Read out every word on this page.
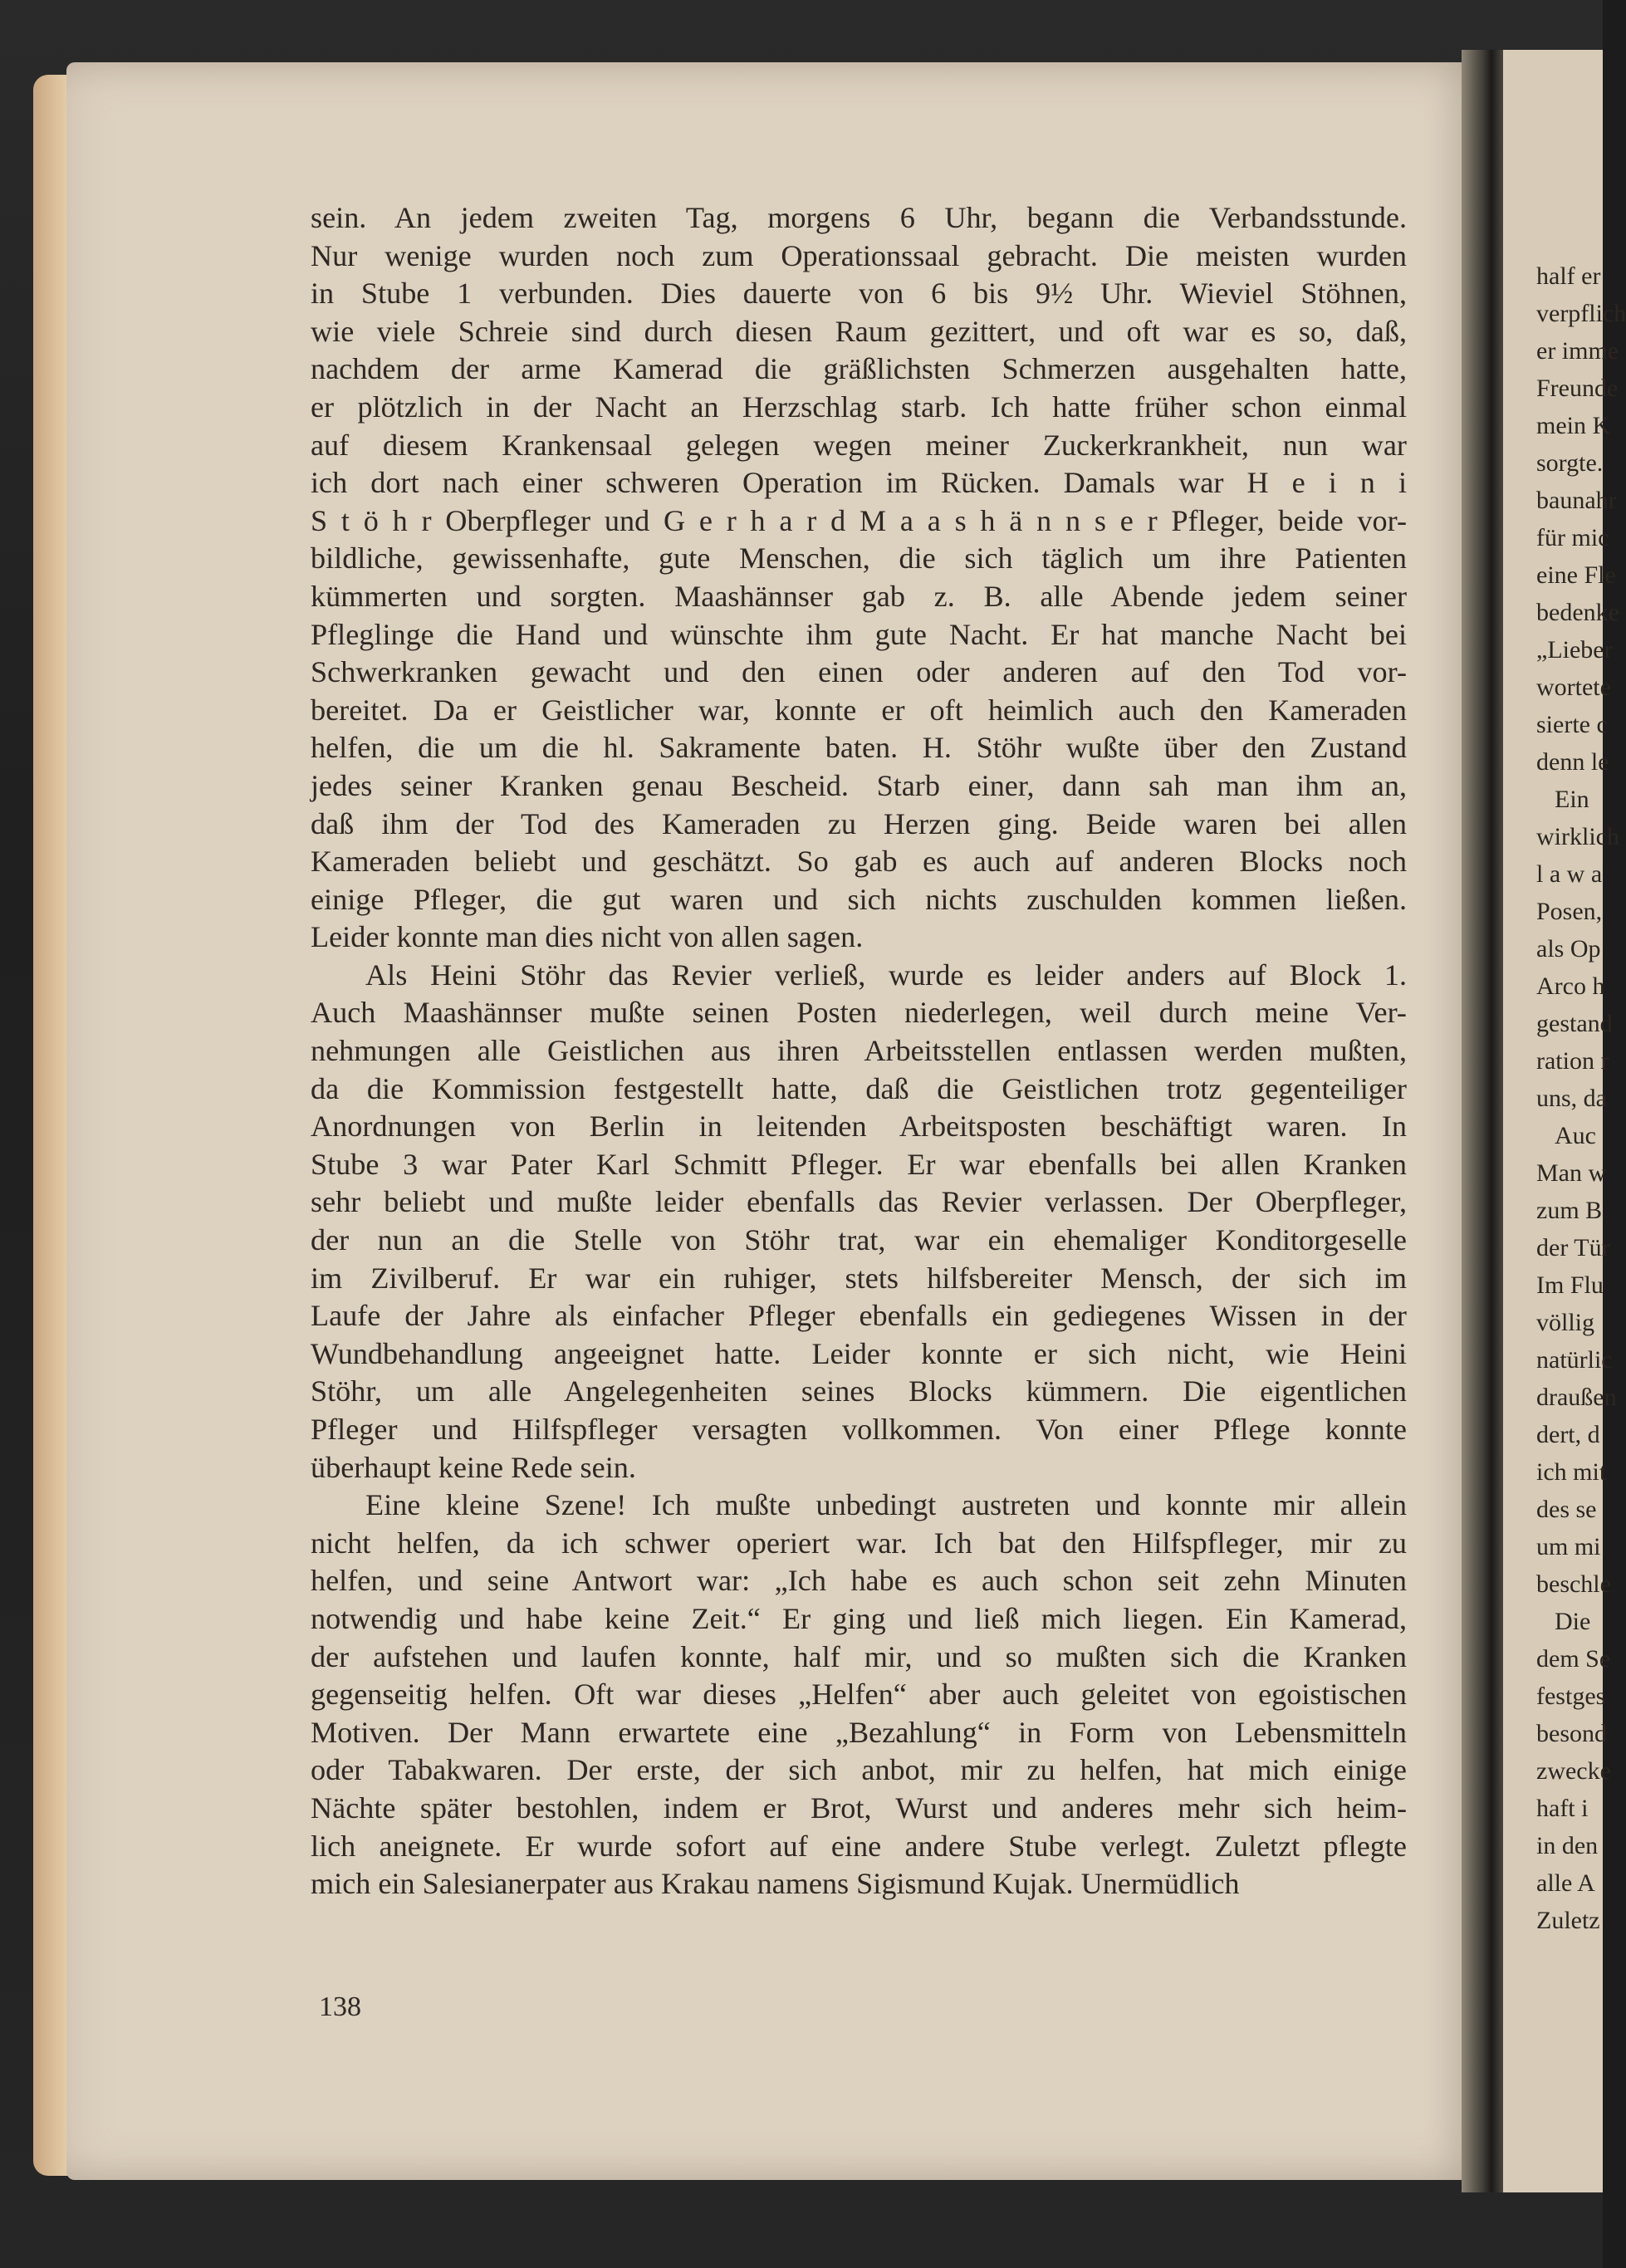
half er
verpflich
er imme
Freunde
mein K
sorgte.
baunahr
für mic
eine Fle
bedenke
„Lieber
wortete
sierte c
denn le
Ein
wirklich
l a w a
Posen,
als Op
Arco h
gestand
ration r
uns, da
Auc
Man w
zum B
der Tür
Im Flu
völlig
natürlic
draußen
dert, d
ich mit
des se
um mi
beschle
Die
dem Se
festges
besond
zwecke
haft i
in den
alle A
Zuletz

sein. An jedem zweiten Tag, morgens 6 Uhr, begann die Verbandsstunde.

Nur wenige wurden noch zum Operationssaal gebracht. Die meisten wurden

in Stube 1 verbunden. Dies dauerte von 6 bis 9½ Uhr. Wieviel Stöhnen,

wie viele Schreie sind durch diesen Raum gezittert, und oft war es so, daß,

nachdem der arme Kamerad die gräßlichsten Schmerzen ausgehalten hatte,

er plötzlich in der Nacht an Herzschlag starb. Ich hatte früher schon einmal

auf diesem Krankensaal gelegen wegen meiner Zuckerkrankheit, nun war

ich dort nach einer schweren Operation im Rücken. Damals war H e i n i

S t ö h r Oberpfleger und G e r h a r d M a a s h ä n n s e r Pfleger, beide vor-

bildliche, gewissenhafte, gute Menschen, die sich täglich um ihre Patienten

kümmerten und sorgten. Maashännser gab z. B. alle Abende jedem seiner

Pfleglinge die Hand und wünschte ihm gute Nacht. Er hat manche Nacht bei

Schwerkranken gewacht und den einen oder anderen auf den Tod vor-

bereitet. Da er Geistlicher war, konnte er oft heimlich auch den Kameraden

helfen, die um die hl. Sakramente baten. H. Stöhr wußte über den Zustand

jedes seiner Kranken genau Bescheid. Starb einer, dann sah man ihm an,

daß ihm der Tod des Kameraden zu Herzen ging. Beide waren bei allen

Kameraden beliebt und geschätzt. So gab es auch auf anderen Blocks noch

einige Pfleger, die gut waren und sich nichts zuschulden kommen ließen.

Leider konnte man dies nicht von allen sagen.

Als Heini Stöhr das Revier verließ, wurde es leider anders auf Block 1.

Auch Maashännser mußte seinen Posten niederlegen, weil durch meine Ver-

nehmungen alle Geistlichen aus ihren Arbeitsstellen entlassen werden mußten,

da die Kommission festgestellt hatte, daß die Geistlichen trotz gegenteiliger

Anordnungen von Berlin in leitenden Arbeitsposten beschäftigt waren. In

Stube 3 war Pater Karl Schmitt Pfleger. Er war ebenfalls bei allen Kranken

sehr beliebt und mußte leider ebenfalls das Revier verlassen. Der Oberpfleger,

der nun an die Stelle von Stöhr trat, war ein ehemaliger Konditorgeselle

im Zivilberuf. Er war ein ruhiger, stets hilfsbereiter Mensch, der sich im

Laufe der Jahre als einfacher Pfleger ebenfalls ein gediegenes Wissen in der

Wundbehandlung angeeignet hatte. Leider konnte er sich nicht, wie Heini

Stöhr, um alle Angelegenheiten seines Blocks kümmern. Die eigentlichen

Pfleger und Hilfspfleger versagten vollkommen. Von einer Pflege konnte

überhaupt keine Rede sein.

Eine kleine Szene! Ich mußte unbedingt austreten und konnte mir allein

nicht helfen, da ich schwer operiert war. Ich bat den Hilfspfleger, mir zu

helfen, und seine Antwort war: „Ich habe es auch schon seit zehn Minuten

notwendig und habe keine Zeit.“ Er ging und ließ mich liegen. Ein Kamerad,

der aufstehen und laufen konnte, half mir, und so mußten sich die Kranken

gegenseitig helfen. Oft war dieses „Helfen“ aber auch geleitet von egoistischen

Motiven. Der Mann erwartete eine „Bezahlung“ in Form von Lebensmitteln

oder Tabakwaren. Der erste, der sich anbot, mir zu helfen, hat mich einige

Nächte später bestohlen, indem er Brot, Wurst und anderes mehr sich heim-

lich aneignete. Er wurde sofort auf eine andere Stube verlegt. Zuletzt pflegte

mich ein Salesianerpater aus Krakau namens Sigismund Kujak. Unermüdlich

138
